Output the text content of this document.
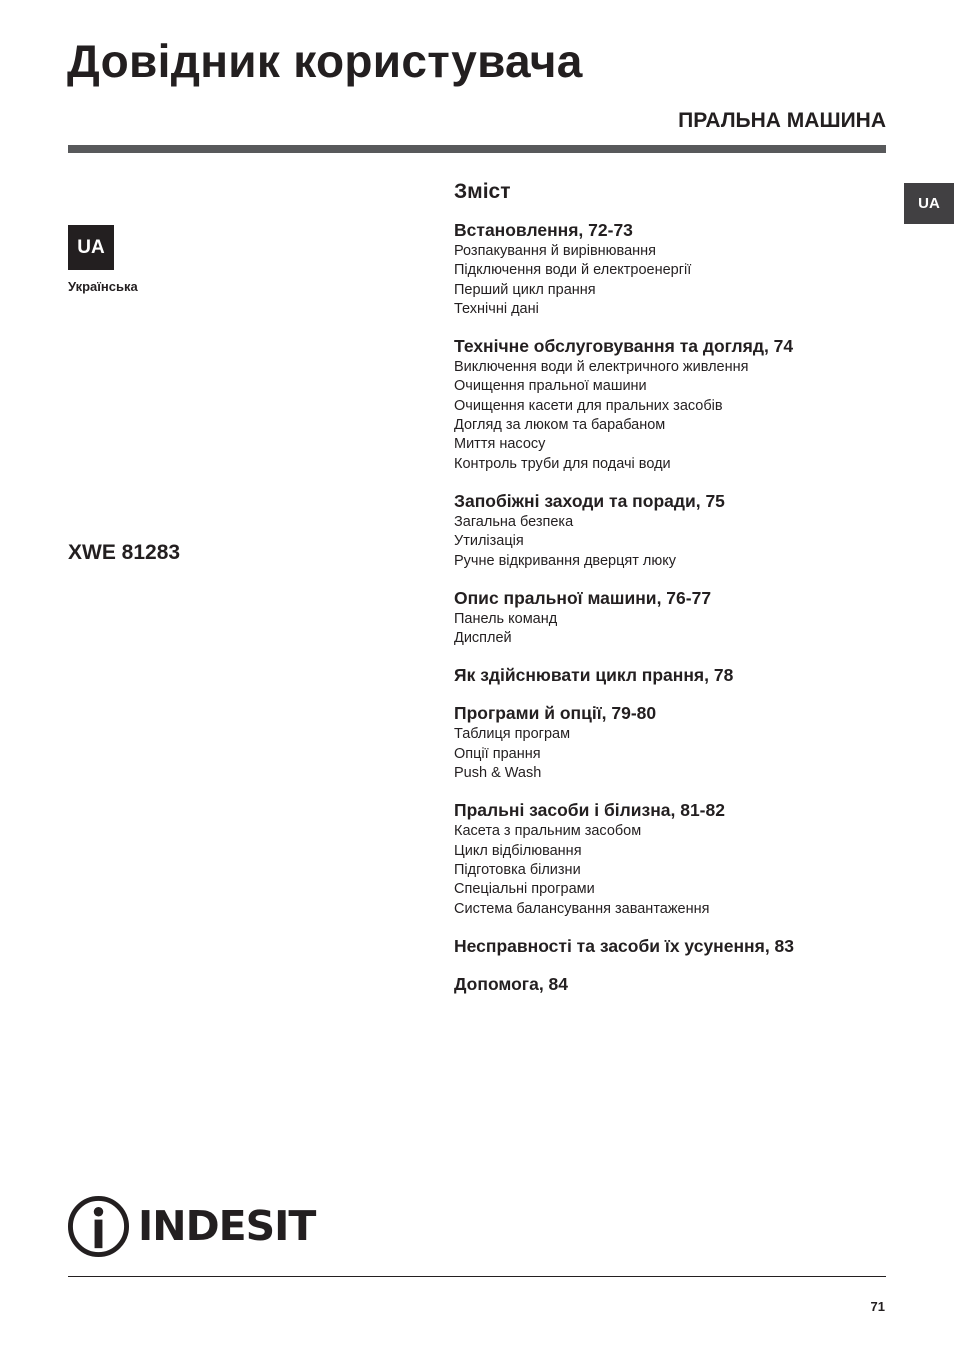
Довідник користувача
ПРАЛЬНА МАШИНА
UA
UA
Українська
XWE 81283
Зміст
Встановлення, 72-73
Розпакування й вирівнювання
Підключення води й електроенергії
Перший цикл прання
Технічні дані
Технічне обслуговування та догляд, 74
Виключення води й електричного живлення
Очищення пральної машини
Очищення касети для пральних засобів
Догляд за люком та барабаном
Миття насосу
Контроль труби для подачі води
Запобіжні заходи та поради, 75
Загальна безпека
Утилізація
Ручне відкривання дверцят люку
Опис пральної машини, 76-77
Панель команд
Дисплей
Як здійснювати цикл прання, 78
Програми й опції, 79-80
Таблиця програм
Опції прання
Push & Wash
Пральні засоби і білизна, 81-82
Касета з пральним засобом
Цикл відбілювання
Підготовка білизни
Спеціальні програми
Система балансування завантаження
Несправності та засоби їх усунення, 83
Допомога, 84
INDESIT
71
